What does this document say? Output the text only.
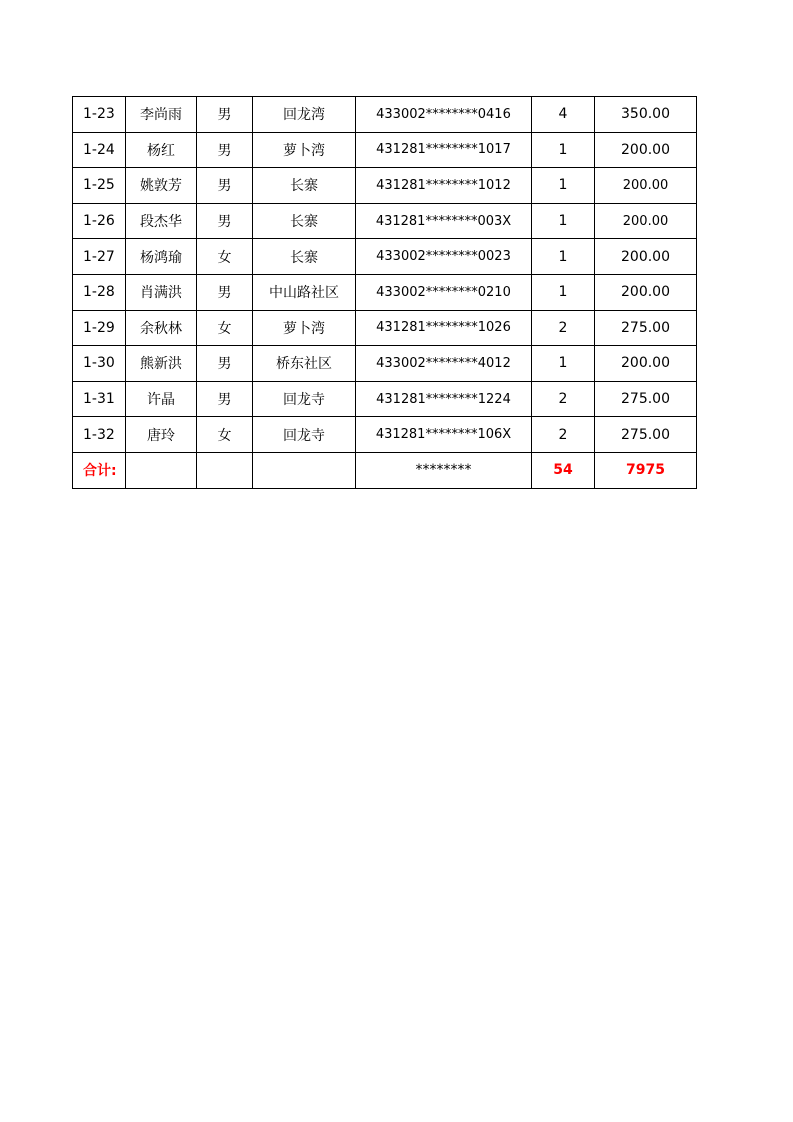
1-23	李尚雨	男	回龙湾	433002********0416	4	350.00
1-24	杨红	男	萝卜湾	431281********1017	1	200.00
1-25	姚敦芳	男	长寨	431281********1012	1	200.00
1-26	段杰华	男	长寨	431281********003X	1	200.00
1-27	杨鸿瑜	女	长寨	433002********0023	1	200.00
1-28	肖满洪	男	中山路社区	433002********0210	1	200.00
1-29	余秋林	女	萝卜湾	431281********1026	2	275.00
1-30	熊新洪	男	桥东社区	433002********4012	1	200.00
1-31	许晶	男	回龙寺	431281********1224	2	275.00
1-32	唐玲	女	回龙寺	431281********106X	2	275.00
合计:				********	54	7975
